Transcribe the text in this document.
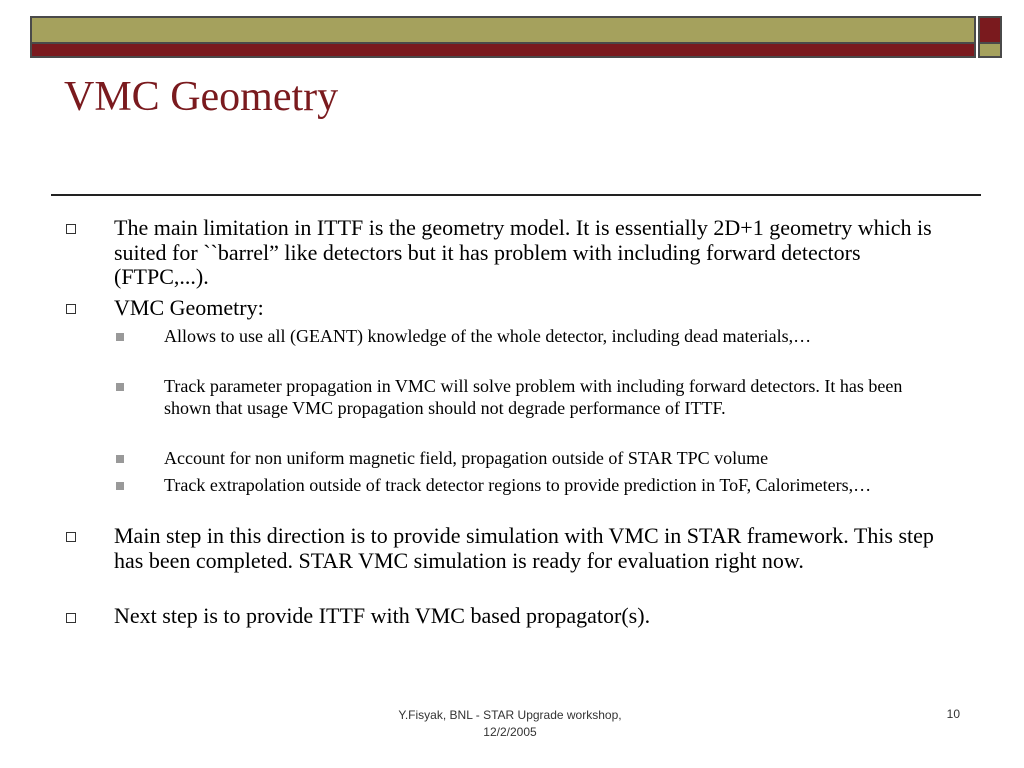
VMC Geometry
The main limitation in ITTF is the geometry model. It is essentially 2D+1 geometry which is suited for ``barrel” like detectors but it has problem with including forward detectors (FTPC,...).
VMC Geometry:
Allows to use all (GEANT) knowledge of the whole detector, including dead materials,…
Track parameter propagation in VMC will solve problem with including forward detectors. It has been shown that usage VMC propagation should not degrade performance of ITTF.
Account for non uniform magnetic field, propagation outside of STAR TPC volume
Track extrapolation outside of track detector regions to provide prediction in ToF, Calorimeters,…
Main step in this direction is to provide simulation with VMC in STAR framework. This step has been completed. STAR VMC simulation is ready for evaluation right now.
Next step is to provide ITTF with VMC based propagator(s).
Y.Fisyak, BNL - STAR Upgrade workshop,
12/2/2005
10
